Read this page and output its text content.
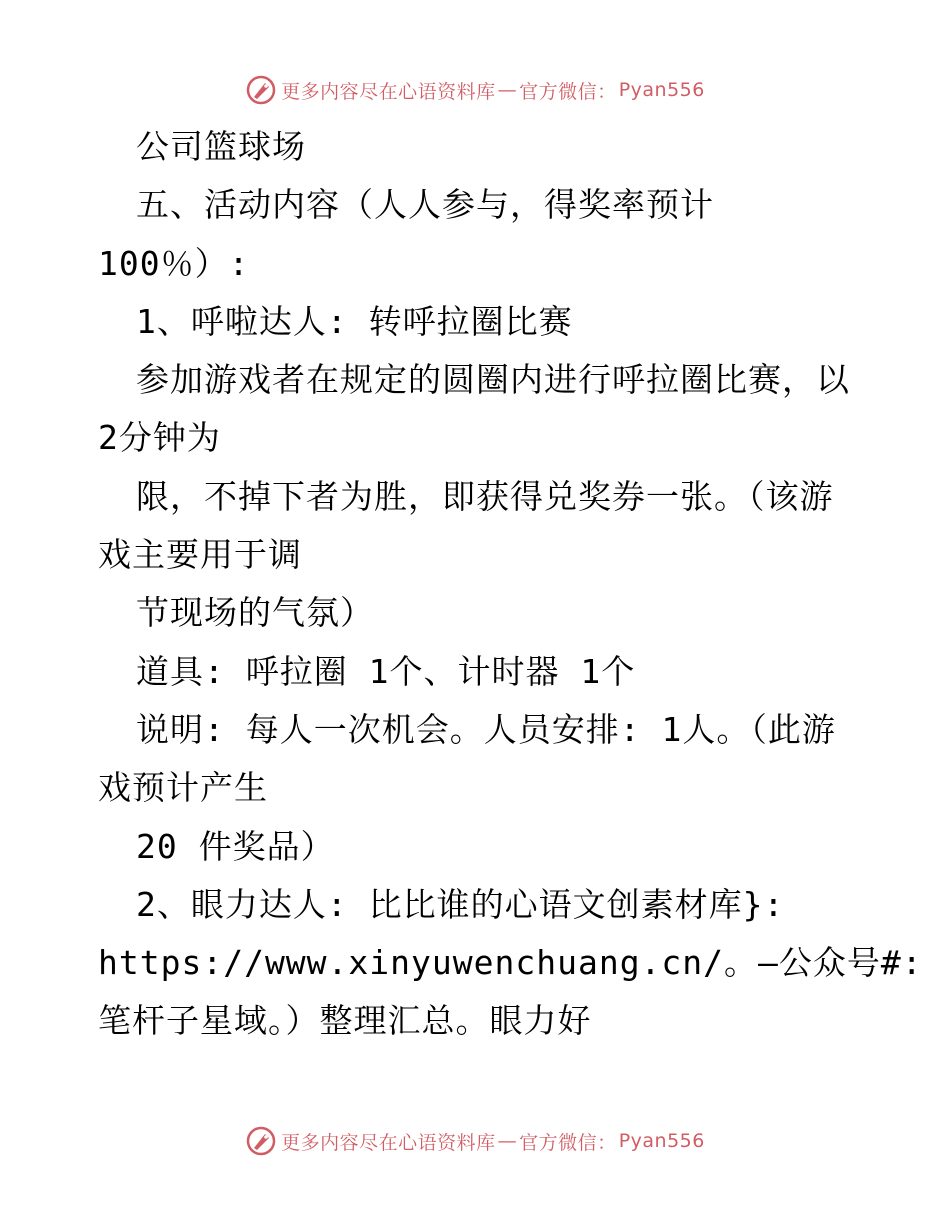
更多内容尽在心语资料库 — 官方微信： Pyan556
公司篮球场
五、活动内容（人人参与，得奖率预计
100％）:
1、呼啦达人: 转呼拉圈比赛
参加游戏者在规定的圆圈内进行呼拉圈比赛，以
2分钟为
限，不掉下者为胜，即获得兑奖券一张。（该游
戏主要用于调
节现场的气氛）
道具: 呼拉圈 1个、计时器 1个
说明: 每人一次机会。人员安排: 1人。（此游
戏预计产生
20 件奖品）
2、眼力达人: 比比谁的心语文创素材库}:
https://www.xinyuwenchuang.cn/。—公众号#:
笔杆子星域。）整理汇总。眼力好
更多内容尽在心语资料库 — 官方微信： Pyan556
